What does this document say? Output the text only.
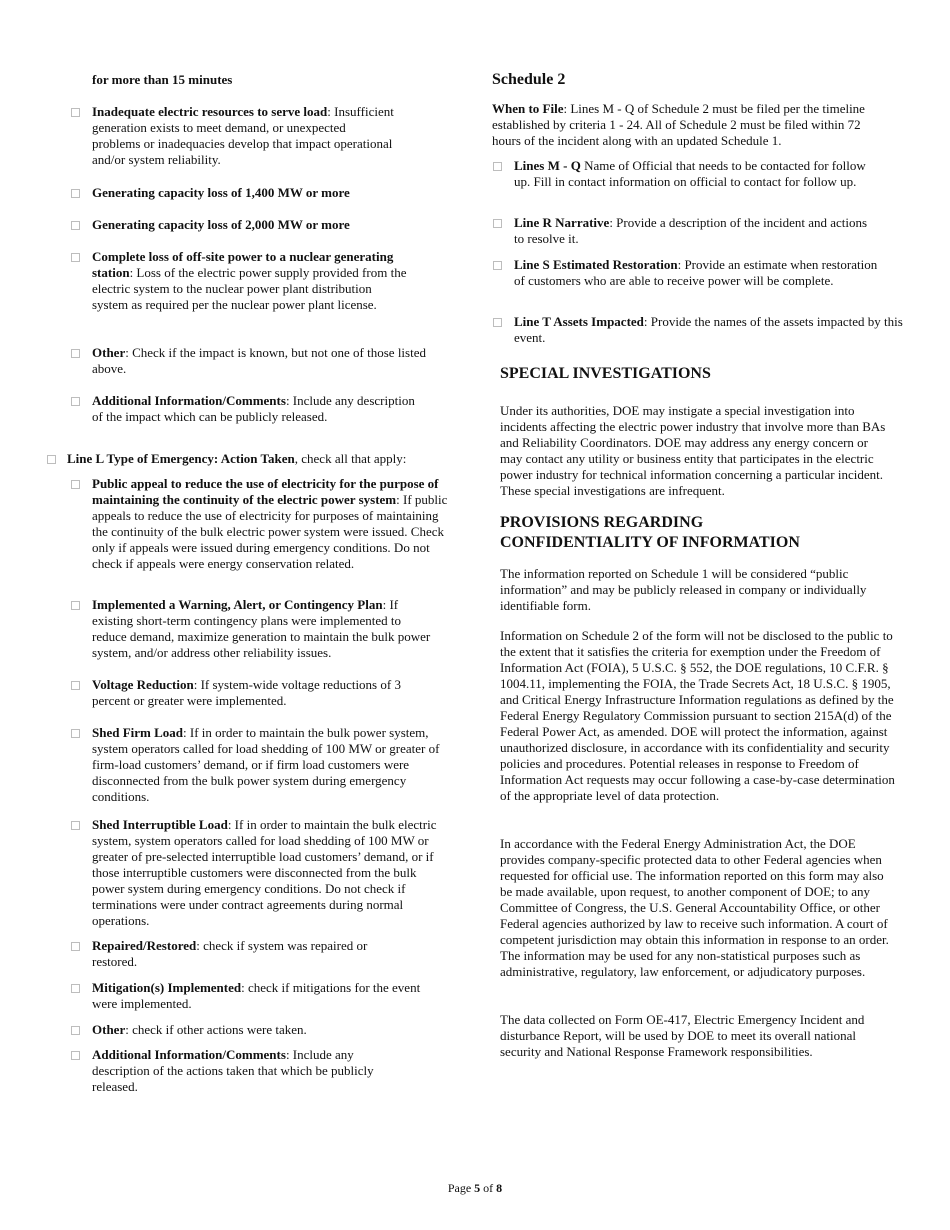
for more than 15 minutes
Inadequate electric resources to serve load: Insufficient generation exists to meet demand, or unexpected problems or inadequacies develop that impact operational and/or system reliability.
Generating capacity loss of 1,400 MW or more
Generating capacity loss of 2,000 MW or more
Complete loss of off-site power to a nuclear generating station: Loss of the electric power supply provided from the electric system to the nuclear power plant distribution system as required per the nuclear power plant license.
Other: Check if the impact is known, but not one of those listed above.
Additional Information/Comments: Include any description of the impact which can be publicly released.
Line L Type of Emergency: Action Taken, check all that apply:
Public appeal to reduce the use of electricity for the purpose of maintaining the continuity of the electric power system: If public appeals to reduce the use of electricity for purposes of maintaining the continuity of the bulk electric power system were issued. Check only if appeals were issued during emergency conditions. Do not check if appeals were energy conservation related.
Implemented a Warning, Alert, or Contingency Plan: If existing short-term contingency plans were implemented to reduce demand, maximize generation to maintain the bulk power system, and/or address other reliability issues.
Voltage Reduction: If system-wide voltage reductions of 3 percent or greater were implemented.
Shed Firm Load: If in order to maintain the bulk power system, system operators called for load shedding of 100 MW or greater of firm-load customers’ demand, or if firm load customers were disconnected from the bulk power system during emergency conditions.
Shed Interruptible Load: If in order to maintain the bulk electric system, system operators called for load shedding of 100 MW or greater of pre-selected interruptible load customers’ demand, or if those interruptible customers were disconnected from the bulk power system during emergency conditions. Do not check if terminations were under contract agreements during normal operations.
Repaired/Restored: check if system was repaired or restored.
Mitigation(s) Implemented: check if mitigations for the event were implemented.
Other: check if other actions were taken.
Additional Information/Comments: Include any description of the actions taken that which be publicly released.
Schedule 2
When to File: Lines M - Q of Schedule 2 must be filed per the timeline established by criteria 1 - 24. All of Schedule 2 must be filed within 72 hours of the incident along with an updated Schedule 1.
Lines M - Q Name of Official that needs to be contacted for follow up. Fill in contact information on official to contact for follow up.
Line R Narrative: Provide a description of the incident and actions to resolve it.
Line S Estimated Restoration: Provide an estimate when restoration of customers who are able to receive power will be complete.
Line T Assets Impacted: Provide the names of the assets impacted by this event.
SPECIAL INVESTIGATIONS
Under its authorities, DOE may instigate a special investigation into incidents affecting the electric power industry that involve more than BAs and Reliability Coordinators. DOE may address any energy concern or may contact any utility or business entity that participates in the electric power industry for technical information concerning a particular incident. These special investigations are infrequent.
PROVISIONS REGARDING
CONFIDENTIALITY OF INFORMATION
The information reported on Schedule 1 will be considered “public information” and may be publicly released in company or individually identifiable form.
Information on Schedule 2 of the form will not be disclosed to the public to the extent that it satisfies the criteria for exemption under the Freedom of Information Act (FOIA), 5 U.S.C. § 552, the DOE regulations, 10 C.F.R. § 1004.11, implementing the FOIA, the Trade Secrets Act, 18 U.S.C. § 1905, and Critical Energy Infrastructure Information regulations as defined by the Federal Energy Regulatory Commission pursuant to section 215A(d) of the Federal Power Act, as amended. DOE will protect the information, against unauthorized disclosure, in accordance with its confidentiality and security policies and procedures. Potential releases in response to Freedom of Information Act requests may occur following a case-by-case determination of the appropriate level of data protection.
In accordance with the Federal Energy Administration Act, the DOE provides company-specific protected data to other Federal agencies when requested for official use. The information reported on this form may also be made available, upon request, to another component of DOE; to any Committee of Congress, the U.S. General Accountability Office, or other Federal agencies authorized by law to receive such information. A court of competent jurisdiction may obtain this information in response to an order. The information may be used for any non-statistical purposes such as administrative, regulatory, law enforcement, or adjudicatory purposes.
The data collected on Form OE-417, Electric Emergency Incident and disturbance Report, will be used by DOE to meet its overall national security and National Response Framework responsibilities.
Page 5 of 8
